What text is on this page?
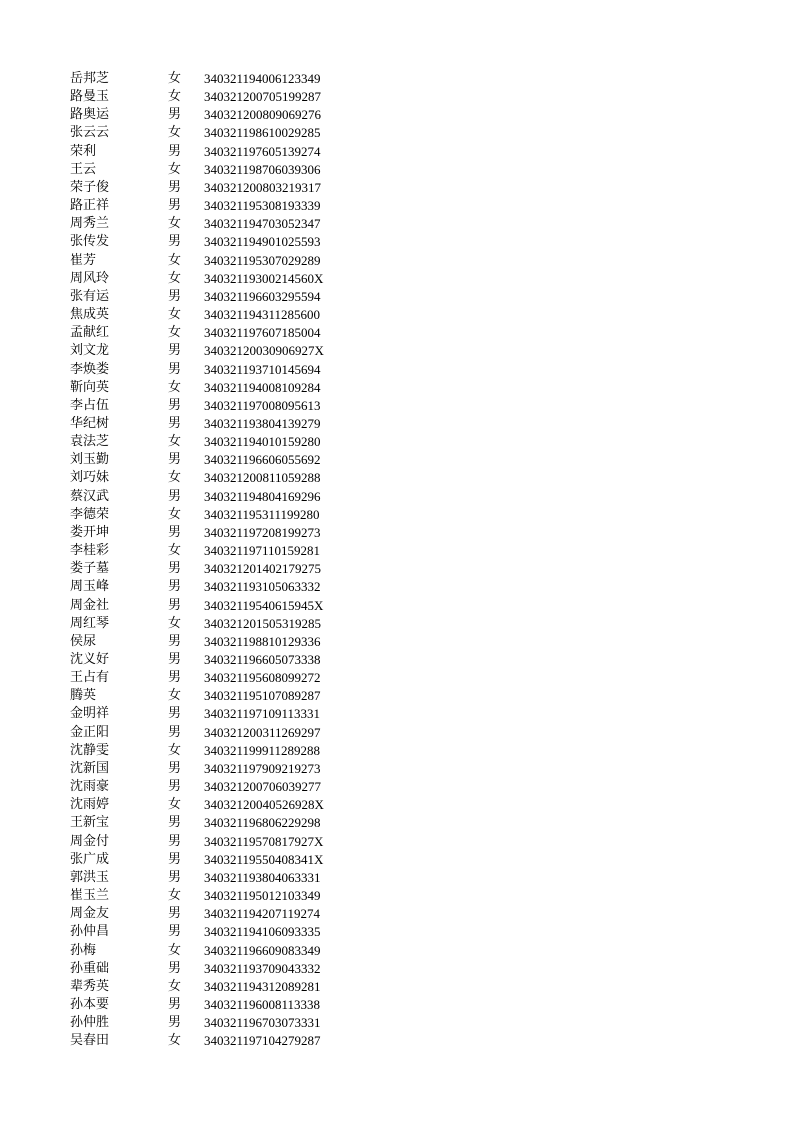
岳邦芝	女	340321194006123349
路曼玉	女	340321200705199287
路奥运	男	340321200809069276
张云云	女	340321198610029285
荣利	男	340321197605139274
王云	女	340321198706039306
荣子俊	男	340321200803219317
路正祥	男	340321195308193339
周秀兰	女	340321194703052347
张传发	男	340321194901025593
崔芳	女	340321195307029289
周风玲	女	34032119300214560X
张有运	男	340321196603295594
焦成英	女	340321194311285600
孟献红	女	340321197607185004
刘文龙	男	34032120030906927X
李焕娄	男	340321193710145694
靳向英	女	340321194008109284
李占伍	男	340321197008095613
华纪树	男	340321193804139279
袁法芝	女	340321194010159280
刘玉勤	男	340321196606055692
刘巧妹	女	340321200811059288
蔡汉武	男	340321194804169296
李德荣	女	340321195311199280
娄开坤	男	340321197208199273
李桂彩	女	340321197110159281
娄子墓	男	340321201402179275
周玉峰	男	340321193105063332
周金社	男	34032119540615945X
周红琴	女	340321201505319285
侯尿	男	340321198810129336
沈义好	男	340321196605073338
王占有	男	340321195608099272
腾英	女	340321195107089287
金明祥	男	340321197109113331
金正阳	男	340321200311269297
沈静雯	女	340321199911289288
沈新国	男	340321197909219273
沈雨豪	男	340321200706039277
沈雨婷	女	34032120040526928X
王新宝	男	340321196806229298
周金付	男	34032119570817927X
张广成	男	34032119550408341X
郭洪玉	男	340321193804063331
崔玉兰	女	340321195012103349
周金友	男	340321194207119274
孙仲昌	男	340321194106093335
孙梅	女	340321196609083349
孙重础	男	340321193709043332
辈秀英	女	340321194312089281
孙本要	男	340321196008113338
孙仲胜	男	340321196703073331
吴春田	女	340321197104279287
